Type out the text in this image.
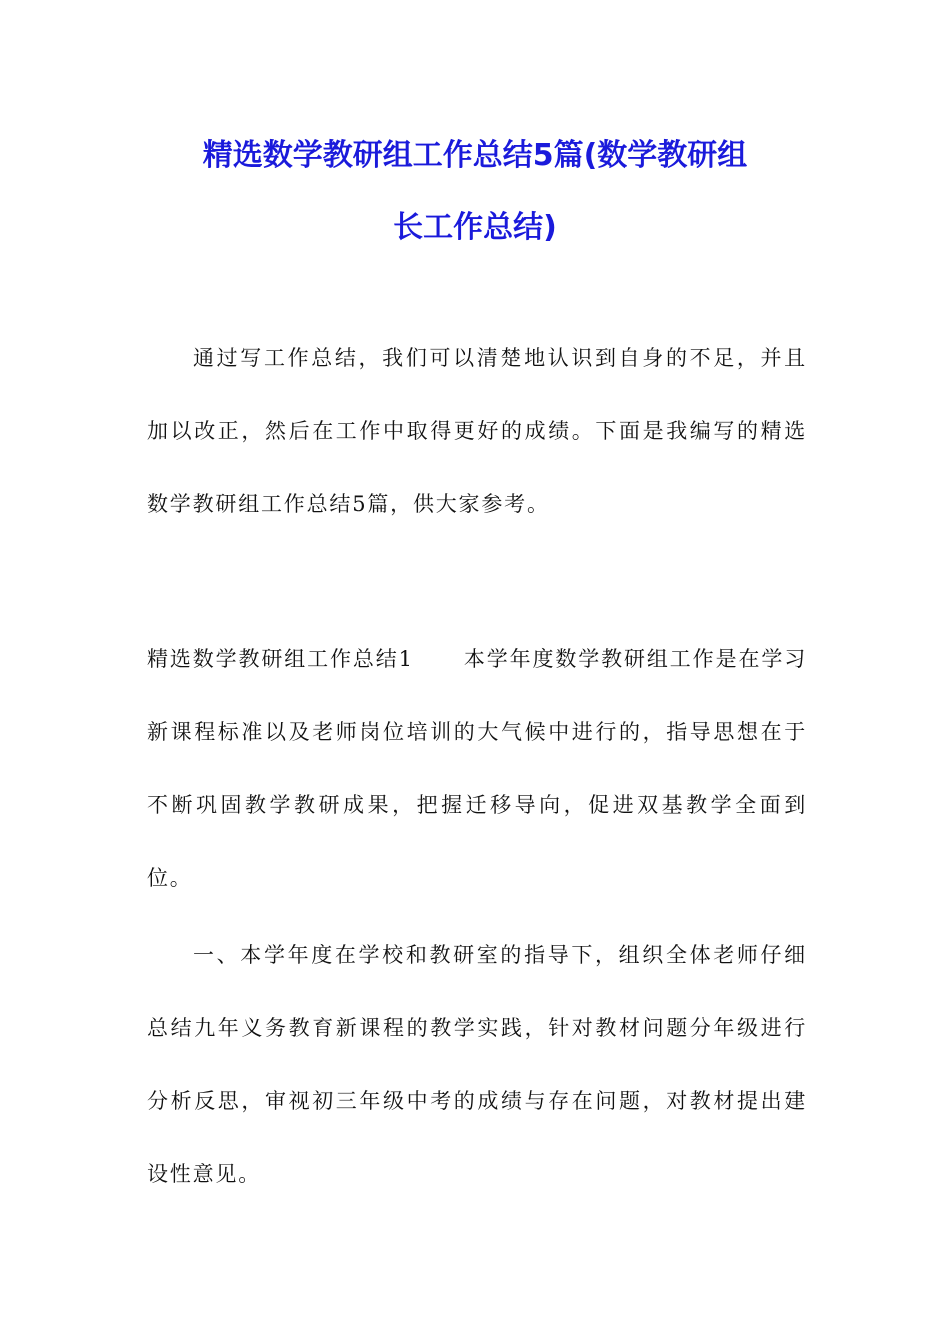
精选数学教研组工作总结5篇(数学教研组
长工作总结)

通过写工作总结，我们可以清楚地认识到自身的不足，并且加以改正，然后在工作中取得更好的成绩。下面是我编写的精选数学教研组工作总结5篇，供大家参考。

精选数学教研组工作总结1 本学年度数学教研组工作是在学习新课程标准以及老师岗位培训的大气候中进行的，指导思想在于不断巩固教学教研成果，把握迁移导向，促进双基教学全面到位。

一、本学年度在学校和教研室的指导下，组织全体老师仔细总结九年义务教育新课程的教学实践，针对教材问题分年级进行分析反思，审视初三年级中考的成绩与存在问题，对教材提出建设性意见。
